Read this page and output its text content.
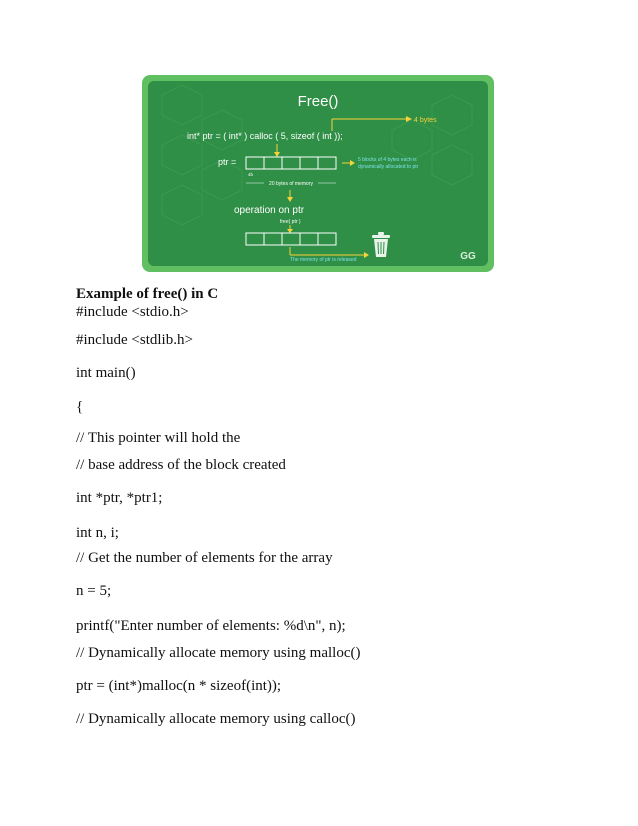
Free()
int* ptr = ( int* ) calloc ( 5, sizeof ( int ));
4 bytes
ptr =	5 blocks of 4 bytes each is
dynamically allocated to ptr
4b
20 bytes of memory
operation on ptr
free( ptr )
The memory of ptr is released	GG
Example of free() in C
#include <stdio.h>
#include <stdlib.h>
int main()
{
// This pointer will hold the
// base address of the block created
int *ptr, *ptr1;
int n, i;
// Get the number of elements for the array
n = 5;
printf("Enter number of elements: %d\n", n);
// Dynamically allocate memory using malloc()
ptr = (int*)malloc(n * sizeof(int));
// Dynamically allocate memory using calloc()
